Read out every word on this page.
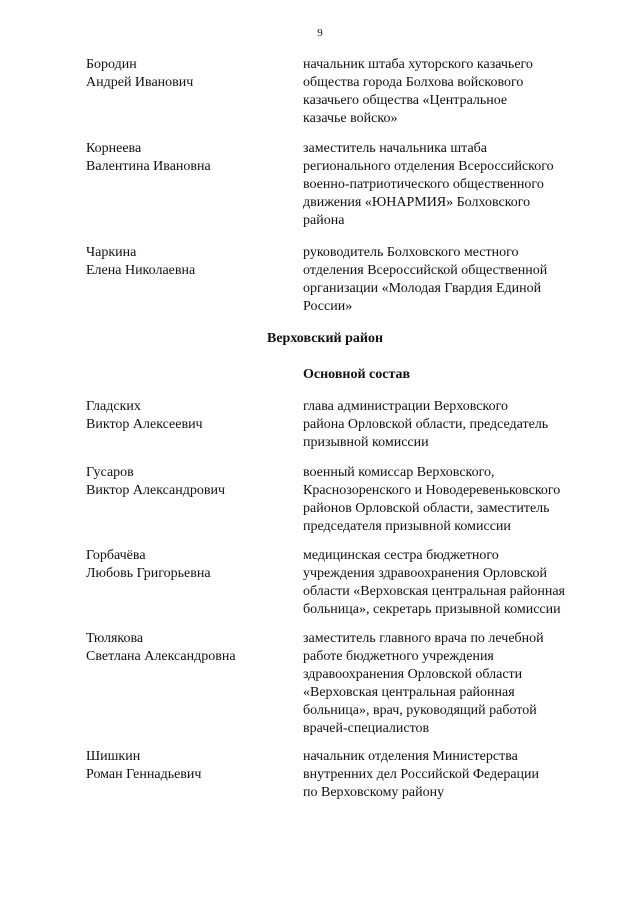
9
Бородин
Андрей Иванович
начальник штаба хуторского казачьего
общества города Болхова войскового
казачьего общества «Центральное
казачье войско»
Корнеева
Валентина Ивановна
заместитель начальника штаба
регионального отделения Всероссийского
военно-патриотического общественного
движения «ЮНАРМИЯ» Болховского
района
Чаркина
Елена Николаевна
руководитель Болховского местного
отделения Всероссийской общественной
организации «Молодая Гвардия Единой
России»
Верховский район
Основной состав
Гладских
Виктор Алексеевич
глава администрации Верховского
района Орловской области, председатель
призывной комиссии
Гусаров
Виктор Александрович
военный комиссар Верховского,
Краснозоренского и Новодеревеньковского
районов Орловской области, заместитель
председателя призывной комиссии
Горбачёва
Любовь Григорьевна
медицинская сестра бюджетного
учреждения здравоохранения Орловской
области «Верховская центральная районная
больница», секретарь призывной комиссии
Тюлякова
Светлана Александровна
заместитель главного врача по лечебной
работе бюджетного учреждения
здравоохранения Орловской области
«Верховская центральная районная
больница», врач, руководящий работой
врачей-специалистов
Шишкин
Роман Геннадьевич
начальник отделения Министерства
внутренних дел Российской Федерации
по Верховскому району
